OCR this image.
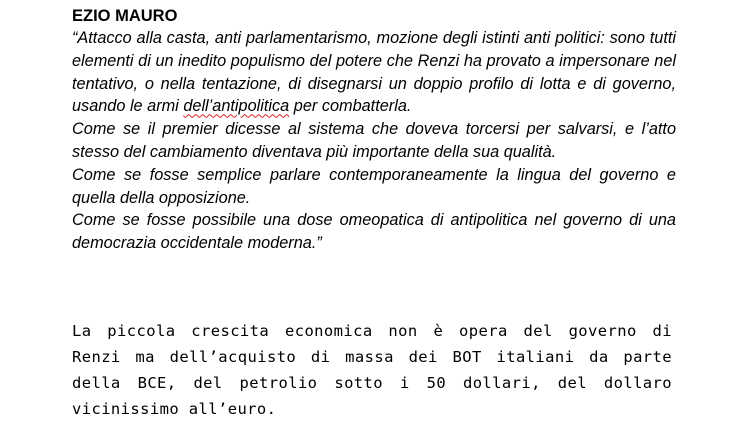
EZIO MAURO

“Attacco alla casta, anti parlamentarismo, mozione degli istinti anti politici: sono tutti elementi di un inedito populismo del potere che Renzi ha provato a impersonare nel tentativo, o nella tentazione, di disegnarsi un doppio profilo di lotta e di governo, usando le armi dell’antipolitica per combatterla.

Come se il premier dicesse al sistema che doveva torcersi per salvarsi, e l’atto stesso del cambiamento diventava più importante della sua qualità.

Come se fosse semplice parlare contemporaneamente la lingua del governo e quella della opposizione.

Come se fosse possibile una dose omeopatica di antipolitica nel governo di una democrazia occidentale moderna.”

La piccola crescita economica non è opera del governo di
Renzi ma dell’acquisto di massa dei BOT italiani da parte
della BCE, del petrolio sotto i 50 dollari, del dollaro
vicinissimo all’euro.
